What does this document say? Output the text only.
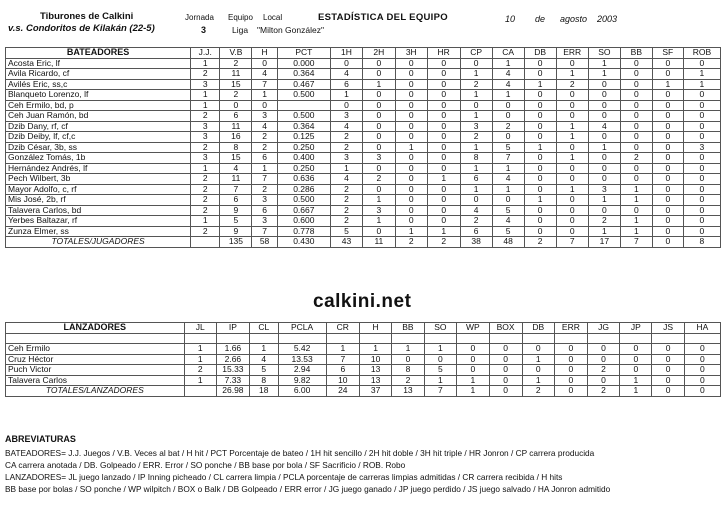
Tiburones de Calkini
v.s. Condoritos de Kilakán (22-5)
Jornada
3
Equipo Local
Liga "Milton González"
ESTADÍSTICA DEL EQUIPO	10 de agosto 2003
BATEADORES	J.J.	V.B	H	PCT	1H	2H	3H	HR	CP	CA	DB	ERR	SO	BB	SF	ROB
Acosta Eric, lf	1	2	0	0.000	0	0	0	0	0	1	0	0	1	0	0	0
Avila Ricardo, cf	2	11	4	0.364	4	0	0	0	1	4	0	1	1	0	0	1
Avilés Eric, ss,c	3	15	7	0.467	6	1	0	0	2	4	1	2	0	0	1	1
Blanqueto Lorenzo, lf	1	2	1	0.500	1	0	0	0	1	1	0	0	0	0	0	0
Ceh Ermilo, bd, p	1	0	0		0	0	0	0	0	0	0	0	0	0	0	0
Ceh Juan Ramón, bd	2	6	3	0.500	3	0	0	0	1	0	0	0	0	0	0	0
Dzib Dany, rf, cf	3	11	4	0.364	4	0	0	0	3	2	0	1	4	0	0	0
Dzib Deiby, lf, cf,c	3	16	2	0.125	2	0	0	0	2	0	0	1	0	0	0	0
Dzib César, 3b, ss	2	8	2	0.250	2	0	1	0	1	5	1	0	1	0	0	3
González Tomás, 1b	3	15	6	0.400	3	3	0	0	8	7	0	1	0	2	0	0
Hernández Andrés, lf	1	4	1	0.250	1	0	0	0	1	1	0	0	0	0	0	0
Pech Wilbert, 3b	2	11	7	0.636	4	2	0	1	6	4	0	0	0	0	0	0
Mayor Adolfo, c, rf	2	7	2	0.286	2	0	0	0	1	1	0	1	3	1	0	0
Mis José, 2b, rf	2	6	3	0.500	2	1	0	0	0	0	1	0	1	1	0	0
Talavera Carlos, bd	2	9	6	0.667	2	3	0	0	4	5	0	0	0	0	0	0
Yerbes Baltazar, rf	1	5	3	0.600	2	1	0	0	2	4	0	0	2	1	0	0
Zunza Elmer, ss	2	9	7	0.778	5	0	1	1	6	5	0	0	1	1	0	0
TOTALES/JUGADORES		135	58	0.430	43	11	2	2	38	48	2	7	17	7	0	8
calkini.net
LANZADORES	JL	IP	CL	PCLA	CR	H	BB	SO	WP	BOX	DB	ERR	JG	JP	JS	HA

Ceh Ermilo	1	1.66	1	5.42	1	1	1	1	0	0	0	0	0	0	0	0
Cruz Héctor	1	2.66	4	13.53	7	10	0	0	0	0	1	0	0	0	0	0
Puch Victor	2	15.33	5	2.94	6	13	8	5	0	0	0	0	2	0	0	0
Talavera Carlos	1	7.33	8	9.82	10	13	2	1	1	0	1	0	0	1	0	0
TOTALES/LANZADORES		26.98	18	6.00	24	37	13	7	1	0	2	0	2	1	0	0
ABREVIATURAS
BATEADORES= J.J. Juegos / V.B. Veces al bat / H hit / PCT Porcentaje de bateo / 1H hit sencillo / 2H hit doble / 3H hit triple / HR Jonron / CP carrera producida
CA carrera anotada / DB. Golpeado / ERR. Error / SO ponche / BB base por bola / SF Sacrificio / ROB. Robo
LANZADORES= JL juego lanzado / IP Inning picheado / CL carrera limpia / PCLA porcentaje de carreras limpias admitidas / CR carrera recibida / H hits
BB base por bolas / SO ponche / WP wilpitch / BOX o Balk / DB Golpeado / ERR error / JG juego ganado / JP juego perdido / JS juego salvado / HA Jonron admitido
